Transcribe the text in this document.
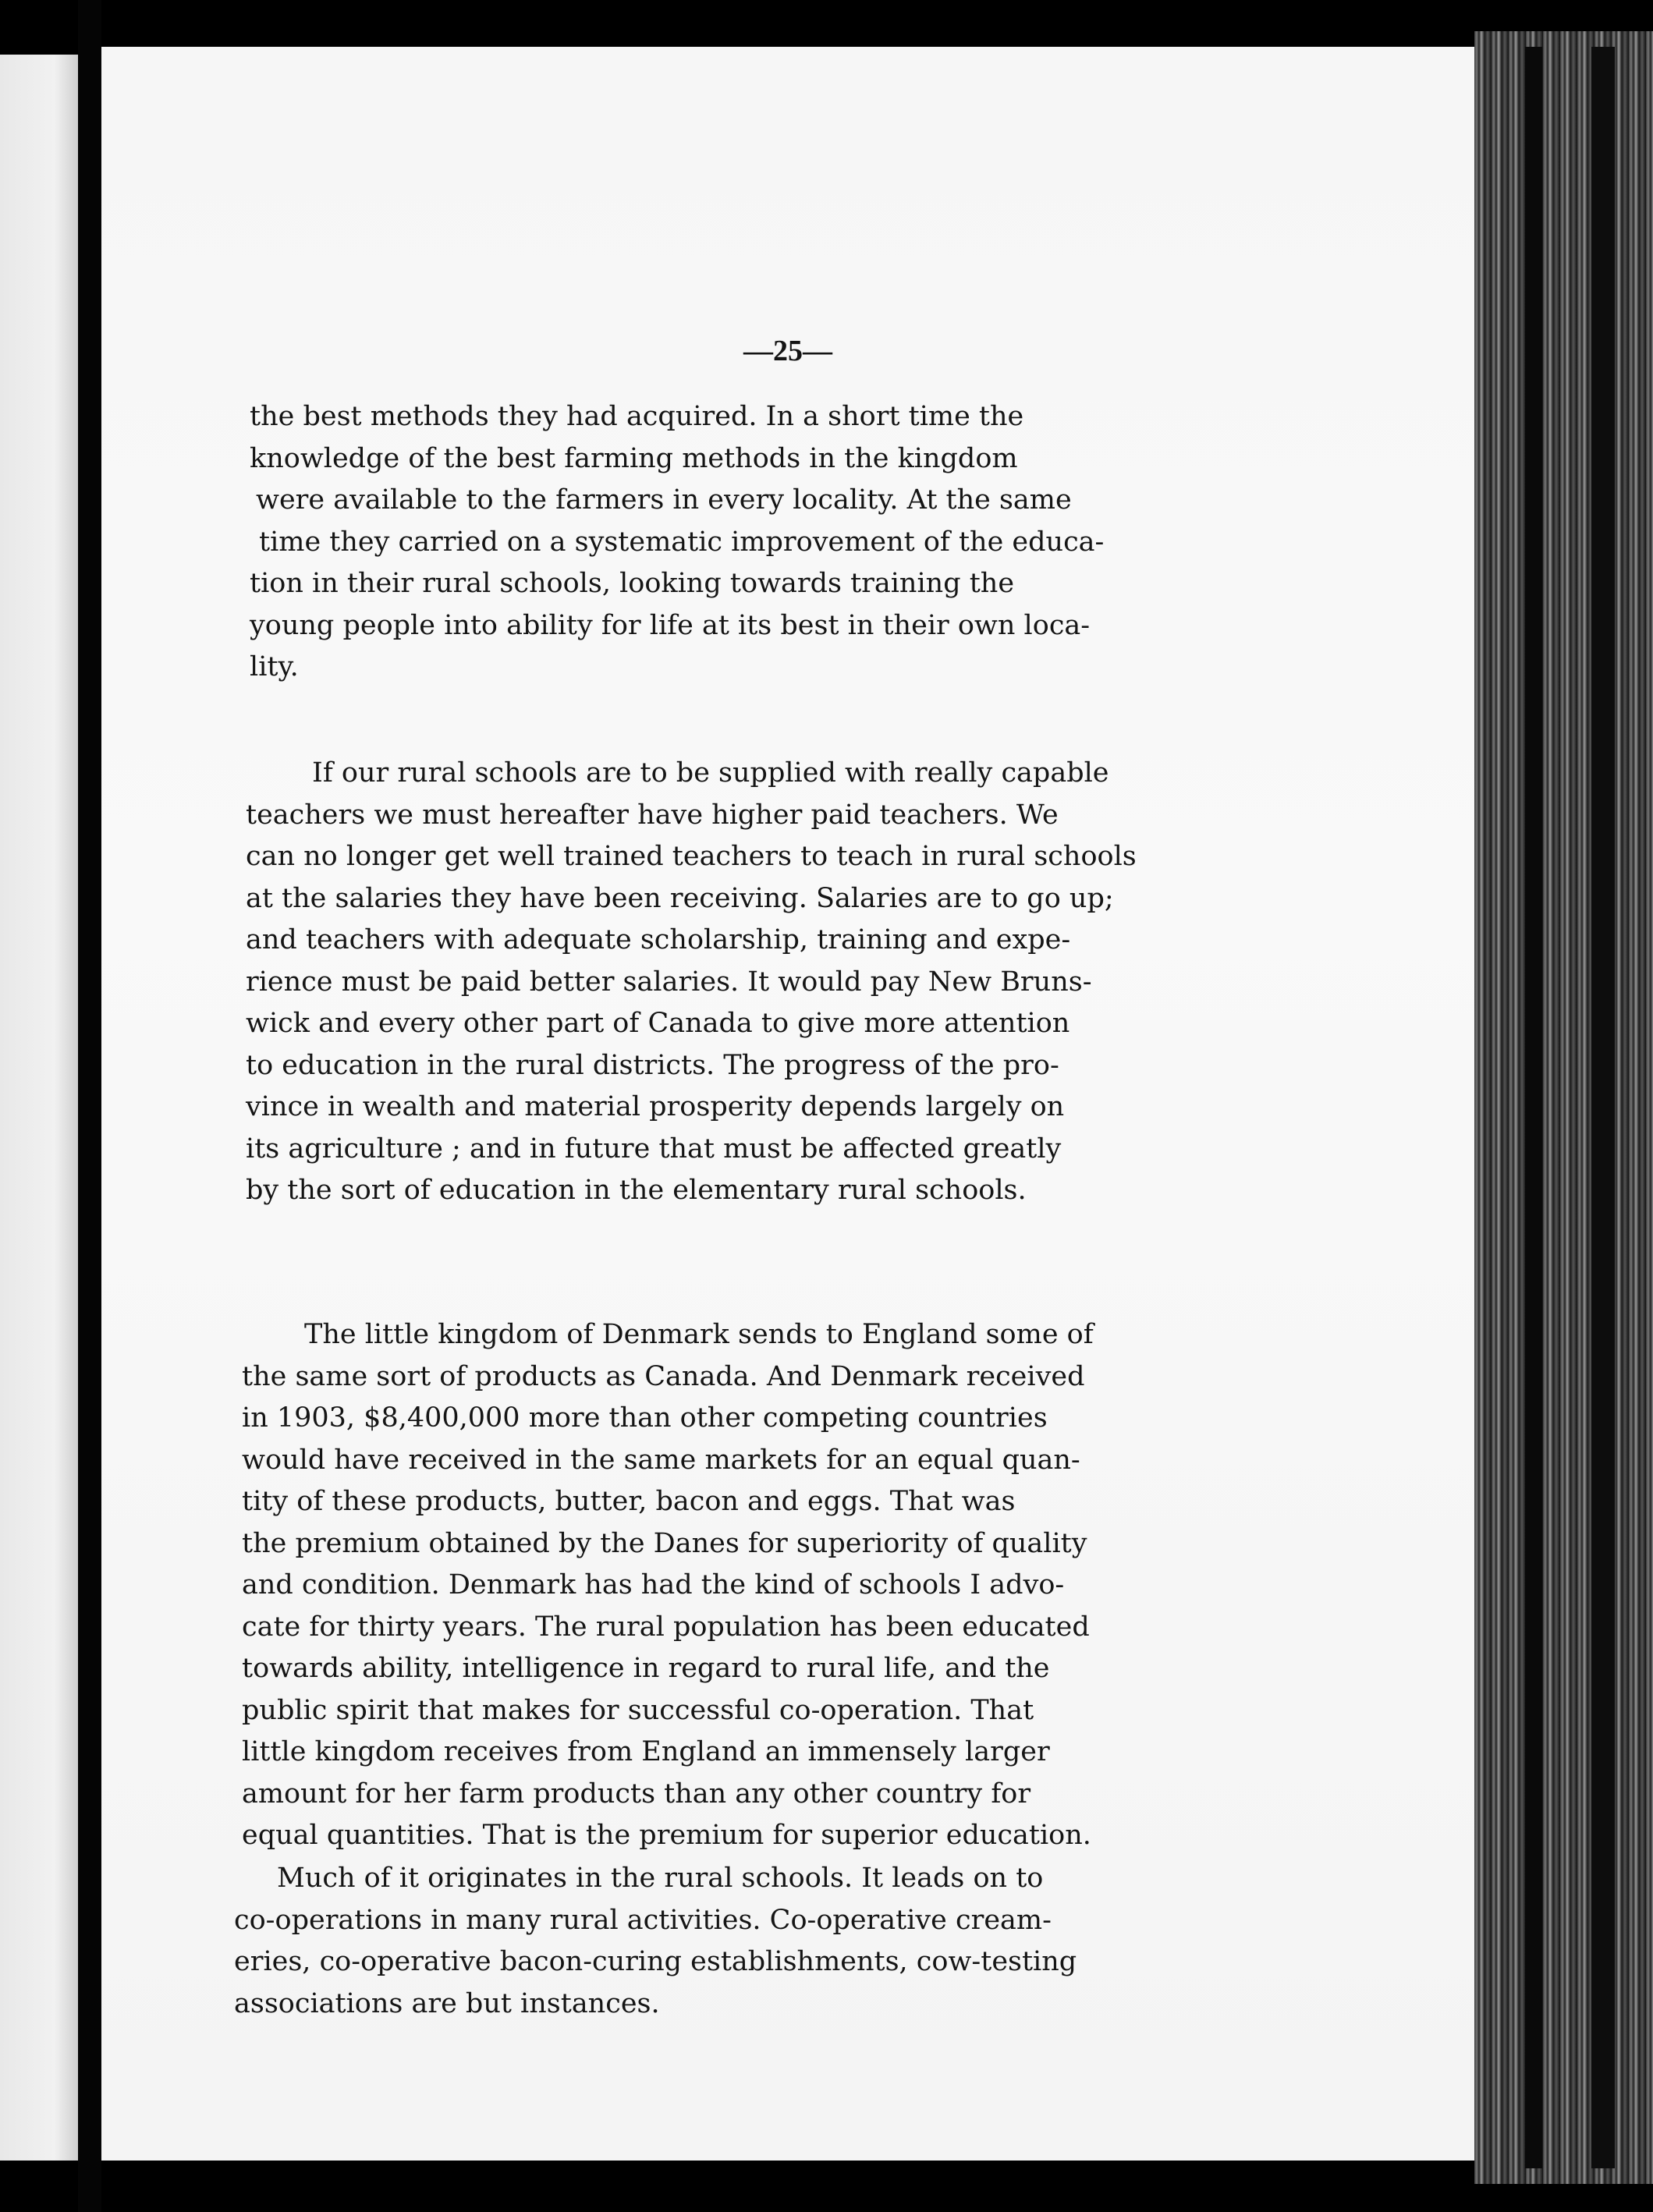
—25—

the best methods they had acquired. In a short time the
knowledge of the best farming methods in the kingdom
were available to the farmers in every locality. At the same
time they carried on a systematic improvement of the educa-
tion in their rural schools, looking towards training the
young people into ability for life at its best in their own loca-
lity.
If our rural schools are to be supplied with really capable
teachers we must hereafter have higher paid teachers. We
can no longer get well trained teachers to teach in rural schools
at the salaries they have been receiving. Salaries are to go up;
and teachers with adequate scholarship, training and expe-
rience must be paid better salaries. It would pay New Bruns-
wick and every other part of Canada to give more attention
to education in the rural districts. The progress of the pro-
vince in wealth and material prosperity depends largely on
its agriculture ; and in future that must be affected greatly
by the sort of education in the elementary rural schools.
The little kingdom of Denmark sends to England some of
the same sort of products as Canada. And Denmark received
in 1903, $8,400,000 more than other competing countries
would have received in the same markets for an equal quan-
tity of these products, butter, bacon and eggs. That was
the premium obtained by the Danes for superiority of quality
and condition. Denmark has had the kind of schools I advo-
cate for thirty years. The rural population has been educated
towards ability, intelligence in regard to rural life, and the
public spirit that makes for successful co-operation. That
little kingdom receives from England an immensely larger
amount for her farm products than any other country for
equal quantities. That is the premium for superior education.
Much of it originates in the rural schools. It leads on to
co-operations in many rural activities. Co-operative cream-
eries, co-operative bacon-curing establishments, cow-testing
associations are but instances.
